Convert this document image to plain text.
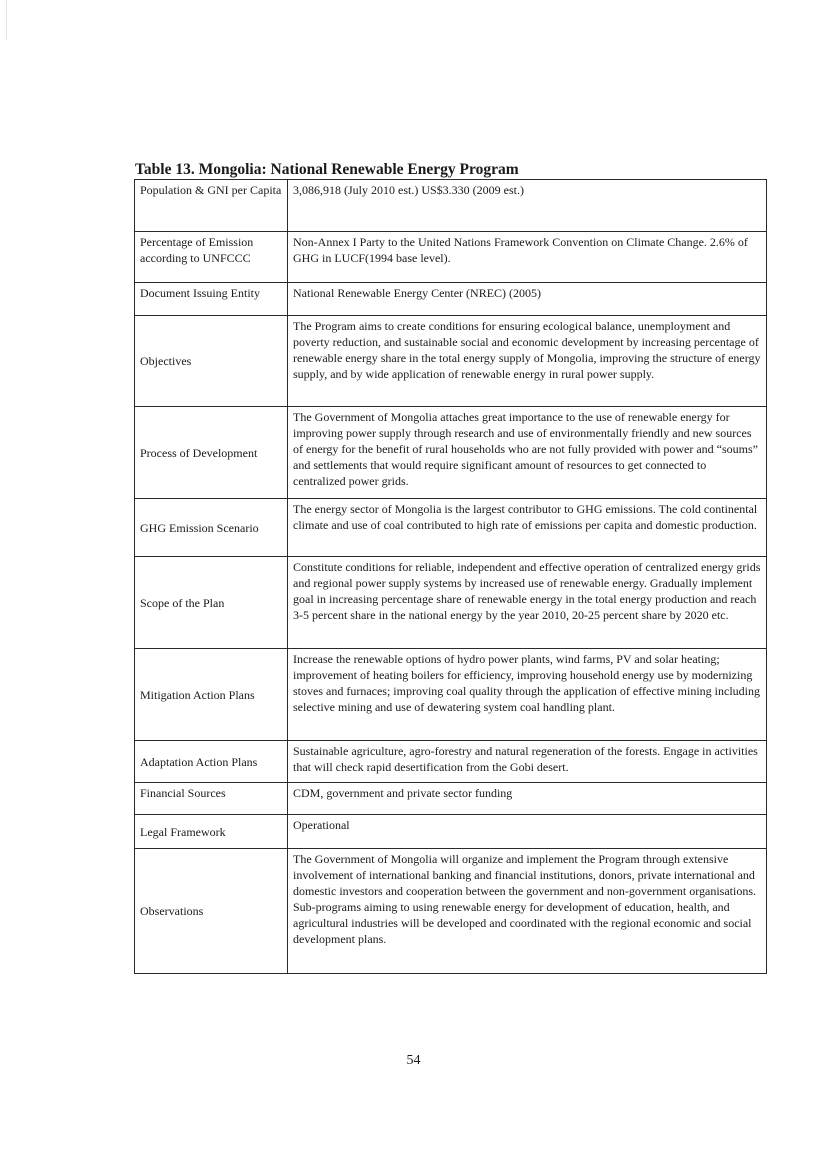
Table 13. Mongolia: National Renewable Energy Program
Population & GNI per Capita	3,086,918 (July 2010 est.) US$3.330 (2009 est.)
Percentage of Emission according to UNFCCC	Non-Annex I Party to the United Nations Framework Convention on Climate Change. 2.6% of GHG in LUCF(1994 base level).
Document Issuing Entity	National Renewable Energy Center (NREC) (2005)
Objectives	The Program aims to create conditions for ensuring ecological balance, unemployment and poverty reduction, and sustainable social and economic development by increasing percentage of renewable energy share in the total energy supply of Mongolia, improving the structure of energy supply, and by wide application of renewable energy in rural power supply.
Process of Development	The Government of Mongolia attaches great importance to the use of renewable energy for improving power supply through research and use of environmentally friendly and new sources of energy for the benefit of rural households who are not fully provided with power and “soums” and settlements that would require significant amount of resources to get connected to centralized power grids.
GHG Emission Scenario	The energy sector of Mongolia is the largest contributor to GHG emissions. The cold continental climate and use of coal contributed to high rate of emissions per capita and domestic production.
Scope of the Plan	Constitute conditions for reliable, independent and effective operation of centralized energy grids and regional power supply systems by increased use of renewable energy. Gradually implement goal in increasing percentage share of renewable energy in the total energy production and reach 3-5 percent share in the national energy by the year 2010, 20-25 percent share by 2020 etc.
Mitigation Action Plans	Increase the renewable options of hydro power plants, wind farms, PV and solar heating; improvement of heating boilers for efficiency, improving household energy use by modernizing stoves and furnaces; improving coal quality through the application of effective mining including selective mining and use of dewatering system coal handling plant.
Adaptation Action Plans	Sustainable agriculture, agro-forestry and natural regeneration of the forests. Engage in activities that will check rapid desertification from the Gobi desert.
Financial Sources	CDM, government and private sector funding
Legal Framework	Operational
Observations	The Government of Mongolia will organize and implement the Program through extensive involvement of international banking and financial institutions, donors, private international and domestic investors and cooperation between the government and non-government organisations. Sub-programs aiming to using renewable energy for development of education, health, and agricultural industries will be developed and coordinated with the regional economic and social development plans.
54
